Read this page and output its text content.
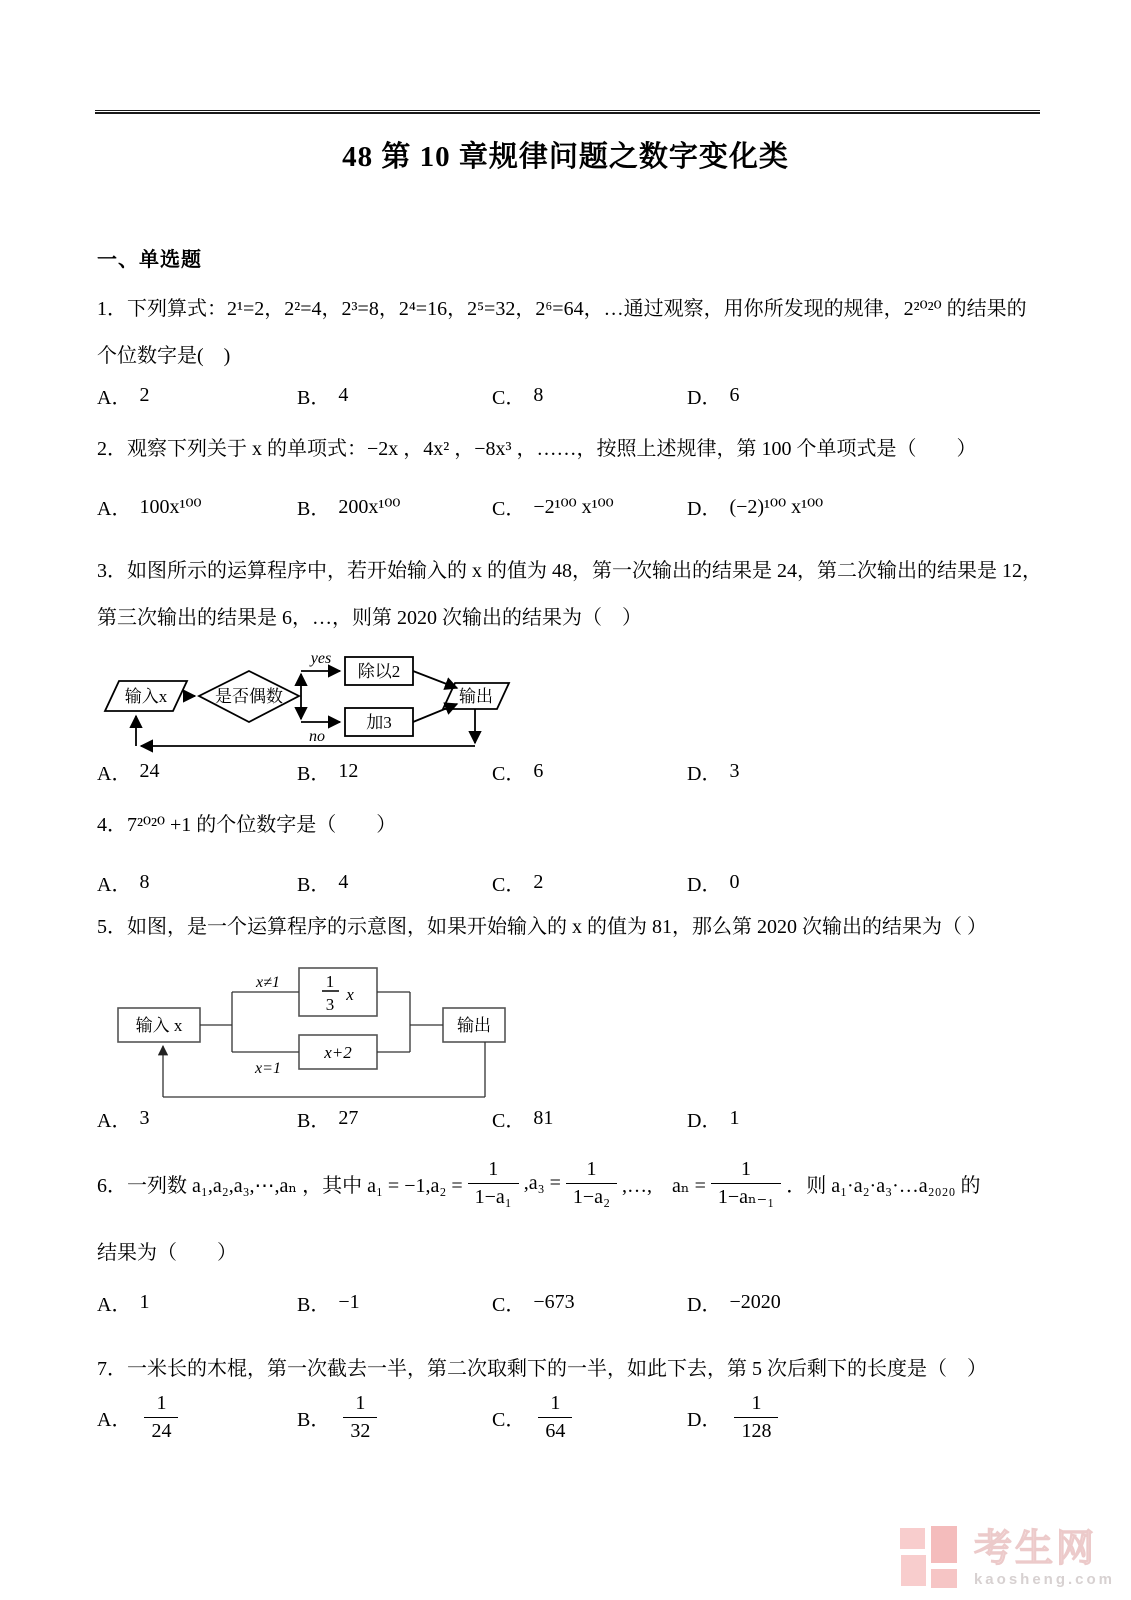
48 第 10 章规律问题之数字变化类
一、单选题
1．下列算式：2¹=2，2²=4，2³=8，2⁴=16，2⁵=32，2⁶=64，…通过观察，用你所发现的规律，2²⁰²⁰ 的结果的
个位数字是(　)
A． 2	B． 4	C． 8	D． 6
2．观察下列关于 x 的单项式：−2x ，4x² ，−8x³ ，……，按照上述规律，第 100 个单项式是（　　）
A． 100x¹⁰⁰	B． 200x¹⁰⁰	C． −2¹⁰⁰ x¹⁰⁰	D． (−2)¹⁰⁰ x¹⁰⁰
3．如图所示的运算程序中，若开始输入的 x 的值为 48，第一次输出的结果是 24，第二次输出的结果是 12，
第三次输出的结果是 6，…，则第 2020 次输出的结果为（　）
输入x	是否偶数
yes
no
除以2
加3
输出
A． 24	B． 12	C． 6	D． 3
4．7²⁰²⁰ +1 的个位数字是（　　）
A． 8	B． 4	C． 2	D． 0
5．如图，是一个运算程序的示意图，如果开始输入的 x 的值为 81，那么第 2020 次输出的结果为（ ）
输入 x
x≠1
x=1
1
3
x
x+2
输出
A． 3	B． 27	C． 81	D． 1
6．一列数 a₁,a₂,a₃,⋯,aₙ ，其中 $a_1 = -1,a_2 = \frac{1}{\text{1−a₁}} ,a_3 = \frac{1}{\text{1−a₂}}$ ,…,　$a_n = \frac{1}{\text{1−aₙ₋₁}}$ ．则 a₁·a₂·a₃·…a₂₀₂₀ 的
结果为（　　）
A． 1	B． −1	C． −673	D． −2020
7．一米长的木棍，第一次截去一半，第二次取剩下的一半，如此下去，第 5 次后剩下的长度是（　）
A． $\frac{1}{24}$	B． $\frac{1}{32}$	C． $\frac{1}{64}$	D． $\frac{1}{128}$
考生网
kaosheng.com
